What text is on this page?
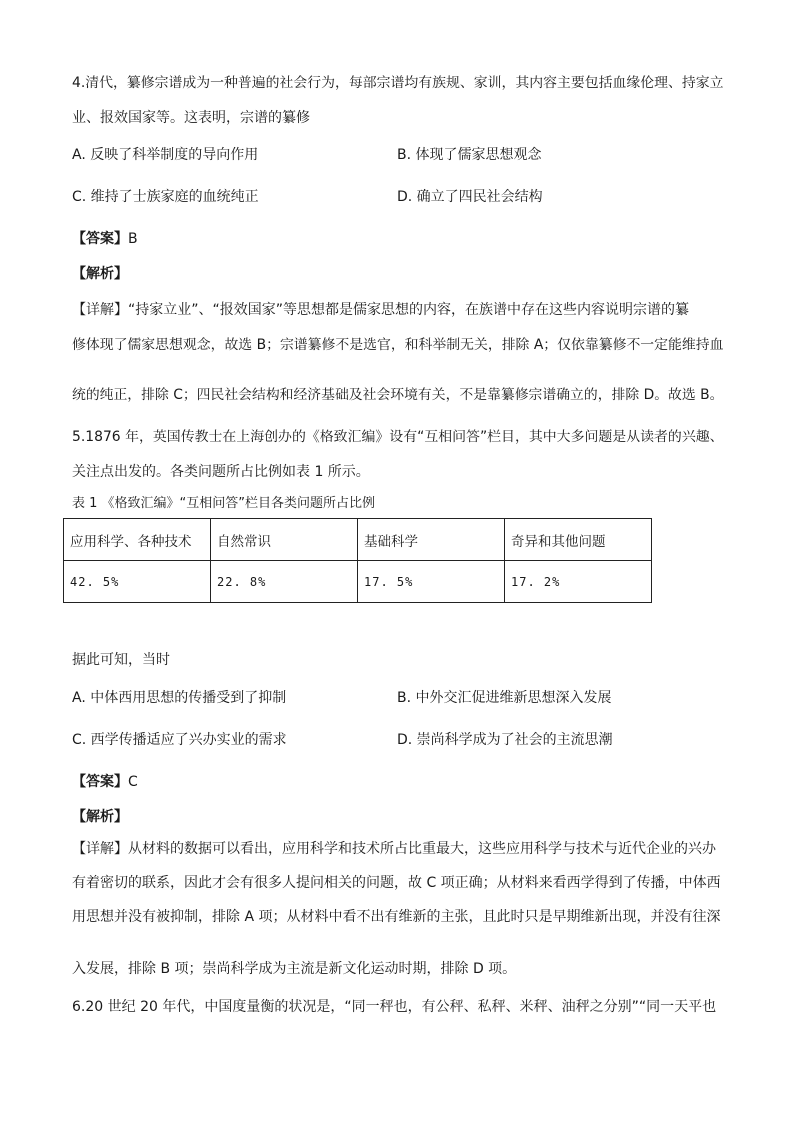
4.清代，纂修宗谱成为一种普遍的社会行为，每部宗谱均有族规、家训，其内容主要包括血缘伦理、持家立
业、报效国家等。这表明，宗谱的纂修
A. 反映了科举制度的导向作用	B. 体现了儒家思想观念
C. 维持了士族家庭的血统纯正	D. 确立了四民社会结构
【答案】B
【解析】
【详解】“持家立业”、“报效国家”等思想都是儒家思想的内容，在族谱中存在这些内容说明宗谱的纂
修体现了儒家思想观念，故选 B；宗谱纂修不是选官，和科举制无关，排除 A；仅依靠纂修不一定能维持血
统的纯正，排除 C；四民社会结构和经济基础及社会环境有关，不是靠纂修宗谱确立的，排除 D。故选 B。
5.1876 年，英国传教士在上海创办的《格致汇编》设有“互相问答”栏目，其中大多问题是从读者的兴趣、
关注点出发的。各类问题所占比例如表 1 所示。
表 1 《格致汇编》“互相问答”栏目各类问题所占比例
应用科学、各种技术	自然常识	基础科学	奇异和其他问题
42. 5%	22. 8%	17. 5%	17. 2%
据此可知，当时
A. 中体西用思想的传播受到了抑制	B. 中外交汇促进维新思想深入发展
C. 西学传播适应了兴办实业的需求	D. 崇尚科学成为了社会的主流思潮
【答案】C
【解析】
【详解】从材料的数据可以看出，应用科学和技术所占比重最大，这些应用科学与技术与近代企业的兴办
有着密切的联系，因此才会有很多人提问相关的问题，故 C 项正确；从材料来看西学得到了传播，中体西
用思想并没有被抑制，排除 A 项；从材料中看不出有维新的主张，且此时只是早期维新出现，并没有往深
入发展，排除 B 项；崇尚科学成为主流是新文化运动时期，排除 D 项。
6.20 世纪 20 年代，中国度量衡的状况是，“同一秤也，有公秤、私秤、米秤、油秤之分别”“同一天平也
